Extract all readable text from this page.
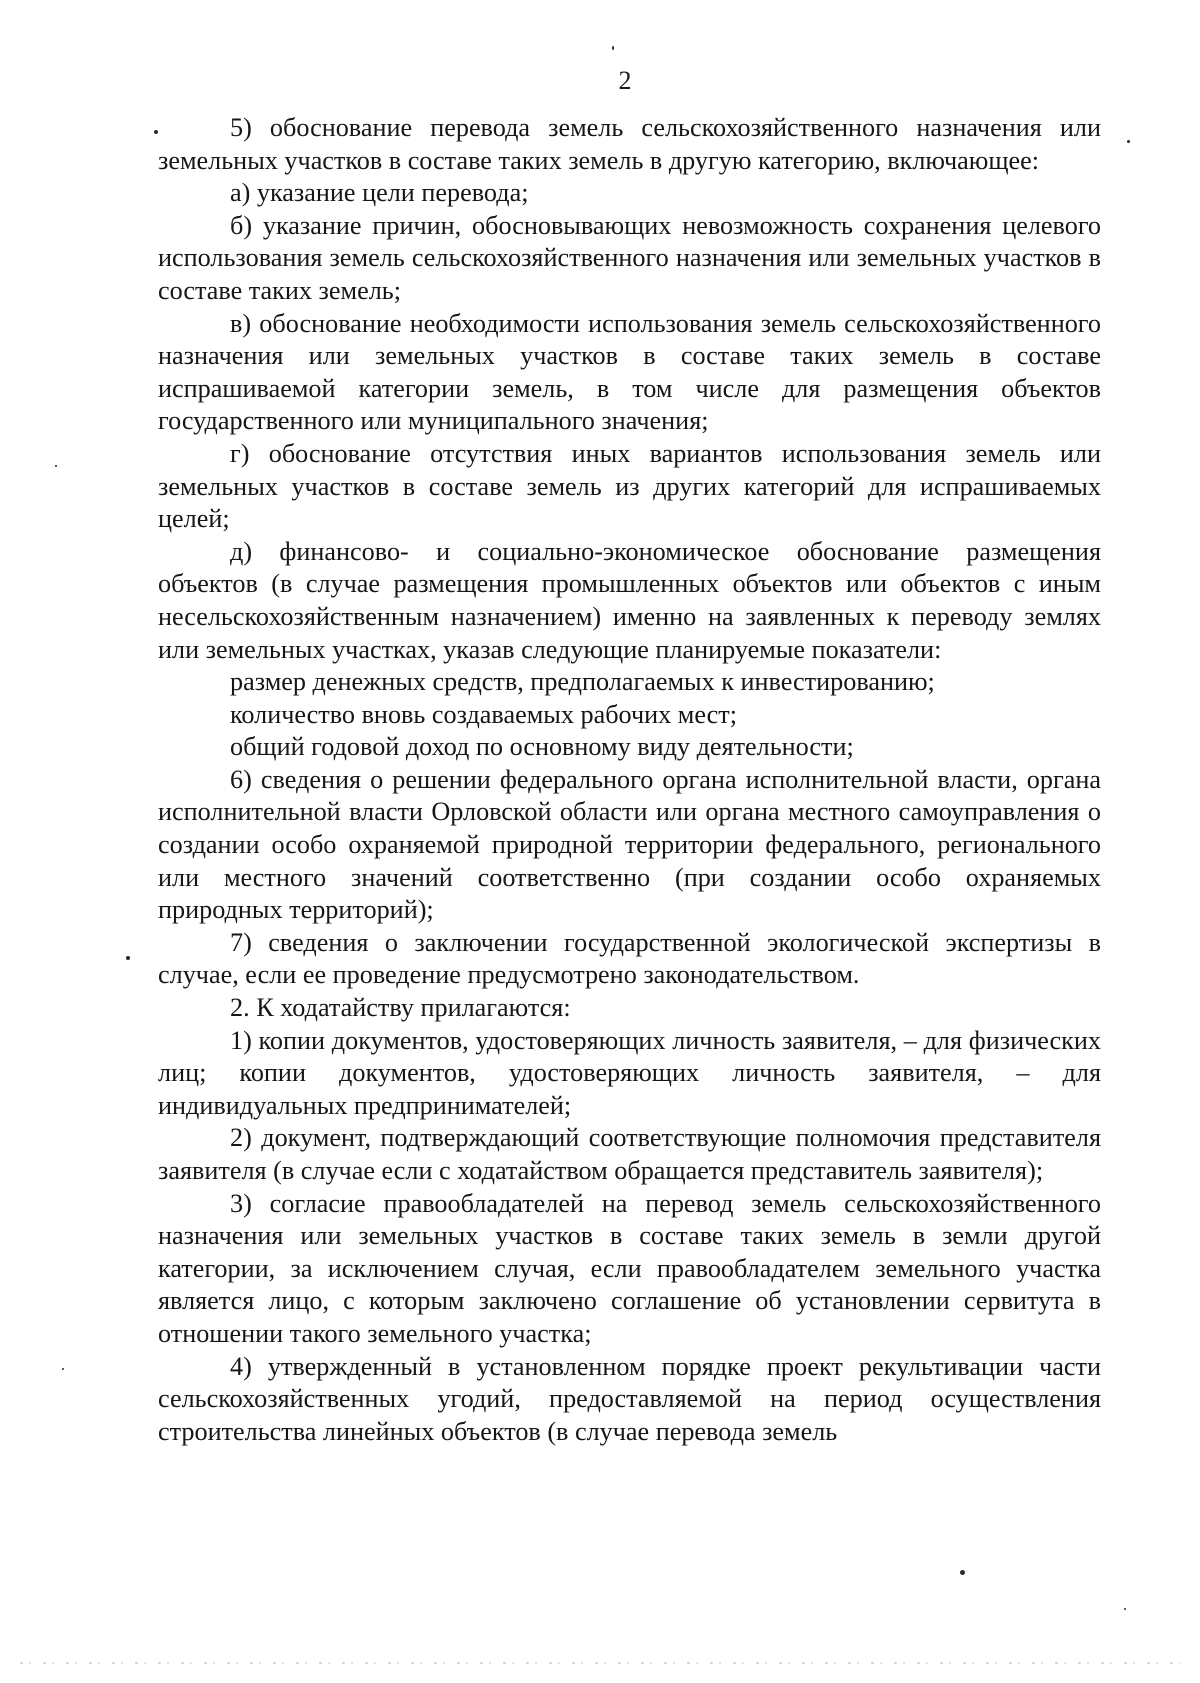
2

5) обоснование перевода земель сельскохозяйственного назначения или земельных участков в составе таких земель в другую категорию, включающее:

а) указание цели перевода;

б) указание причин, обосновывающих невозможность сохранения целевого использования земель сельскохозяйственного назначения или земельных участков в составе таких земель;

в) обоснование необходимости использования земель сельскохозяйственного назначения или земельных участков в составе таких земель в составе испрашиваемой категории земель, в том числе для размещения объектов государственного или муниципального значения;

г) обоснование отсутствия иных вариантов использования земель или земельных участков в составе земель из других категорий для испрашиваемых целей;

д) финансово- и социально-экономическое обоснование размещения объектов (в случае размещения промышленных объектов или объектов с иным несельскохозяйственным назначением) именно на заявленных к переводу землях или земельных участках, указав следующие планируемые показатели:

размер денежных средств, предполагаемых к инвестированию;

количество вновь создаваемых рабочих мест;

общий годовой доход по основному виду деятельности;

6) сведения о решении федерального органа исполнительной власти, органа исполнительной власти Орловской области или органа местного самоуправления о создании особо охраняемой природной территории федерального, регионального или местного значений соответственно (при создании особо охраняемых природных территорий);

7) сведения о заключении государственной экологической экспертизы в случае, если ее проведение предусмотрено законодательством.

2. К ходатайству прилагаются:

1) копии документов, удостоверяющих личность заявителя, – для физических лиц; копии документов, удостоверяющих личность заявителя, – для индивидуальных предпринимателей;

2) документ, подтверждающий соответствующие полномочия представителя заявителя (в случае если с ходатайством обращается представитель заявителя);

3) согласие правообладателей на перевод земель сельскохозяйственного назначения или земельных участков в составе таких земель в земли другой категории, за исключением случая, если правообладателем земельного участка является лицо, с которым заключено соглашение об установлении сервитута в отношении такого земельного участка;

4) утвержденный в установленном порядке проект рекультивации части сельскохозяйственных угодий, предоставляемой на период осуществления строительства линейных объектов (в случае перевода земель
